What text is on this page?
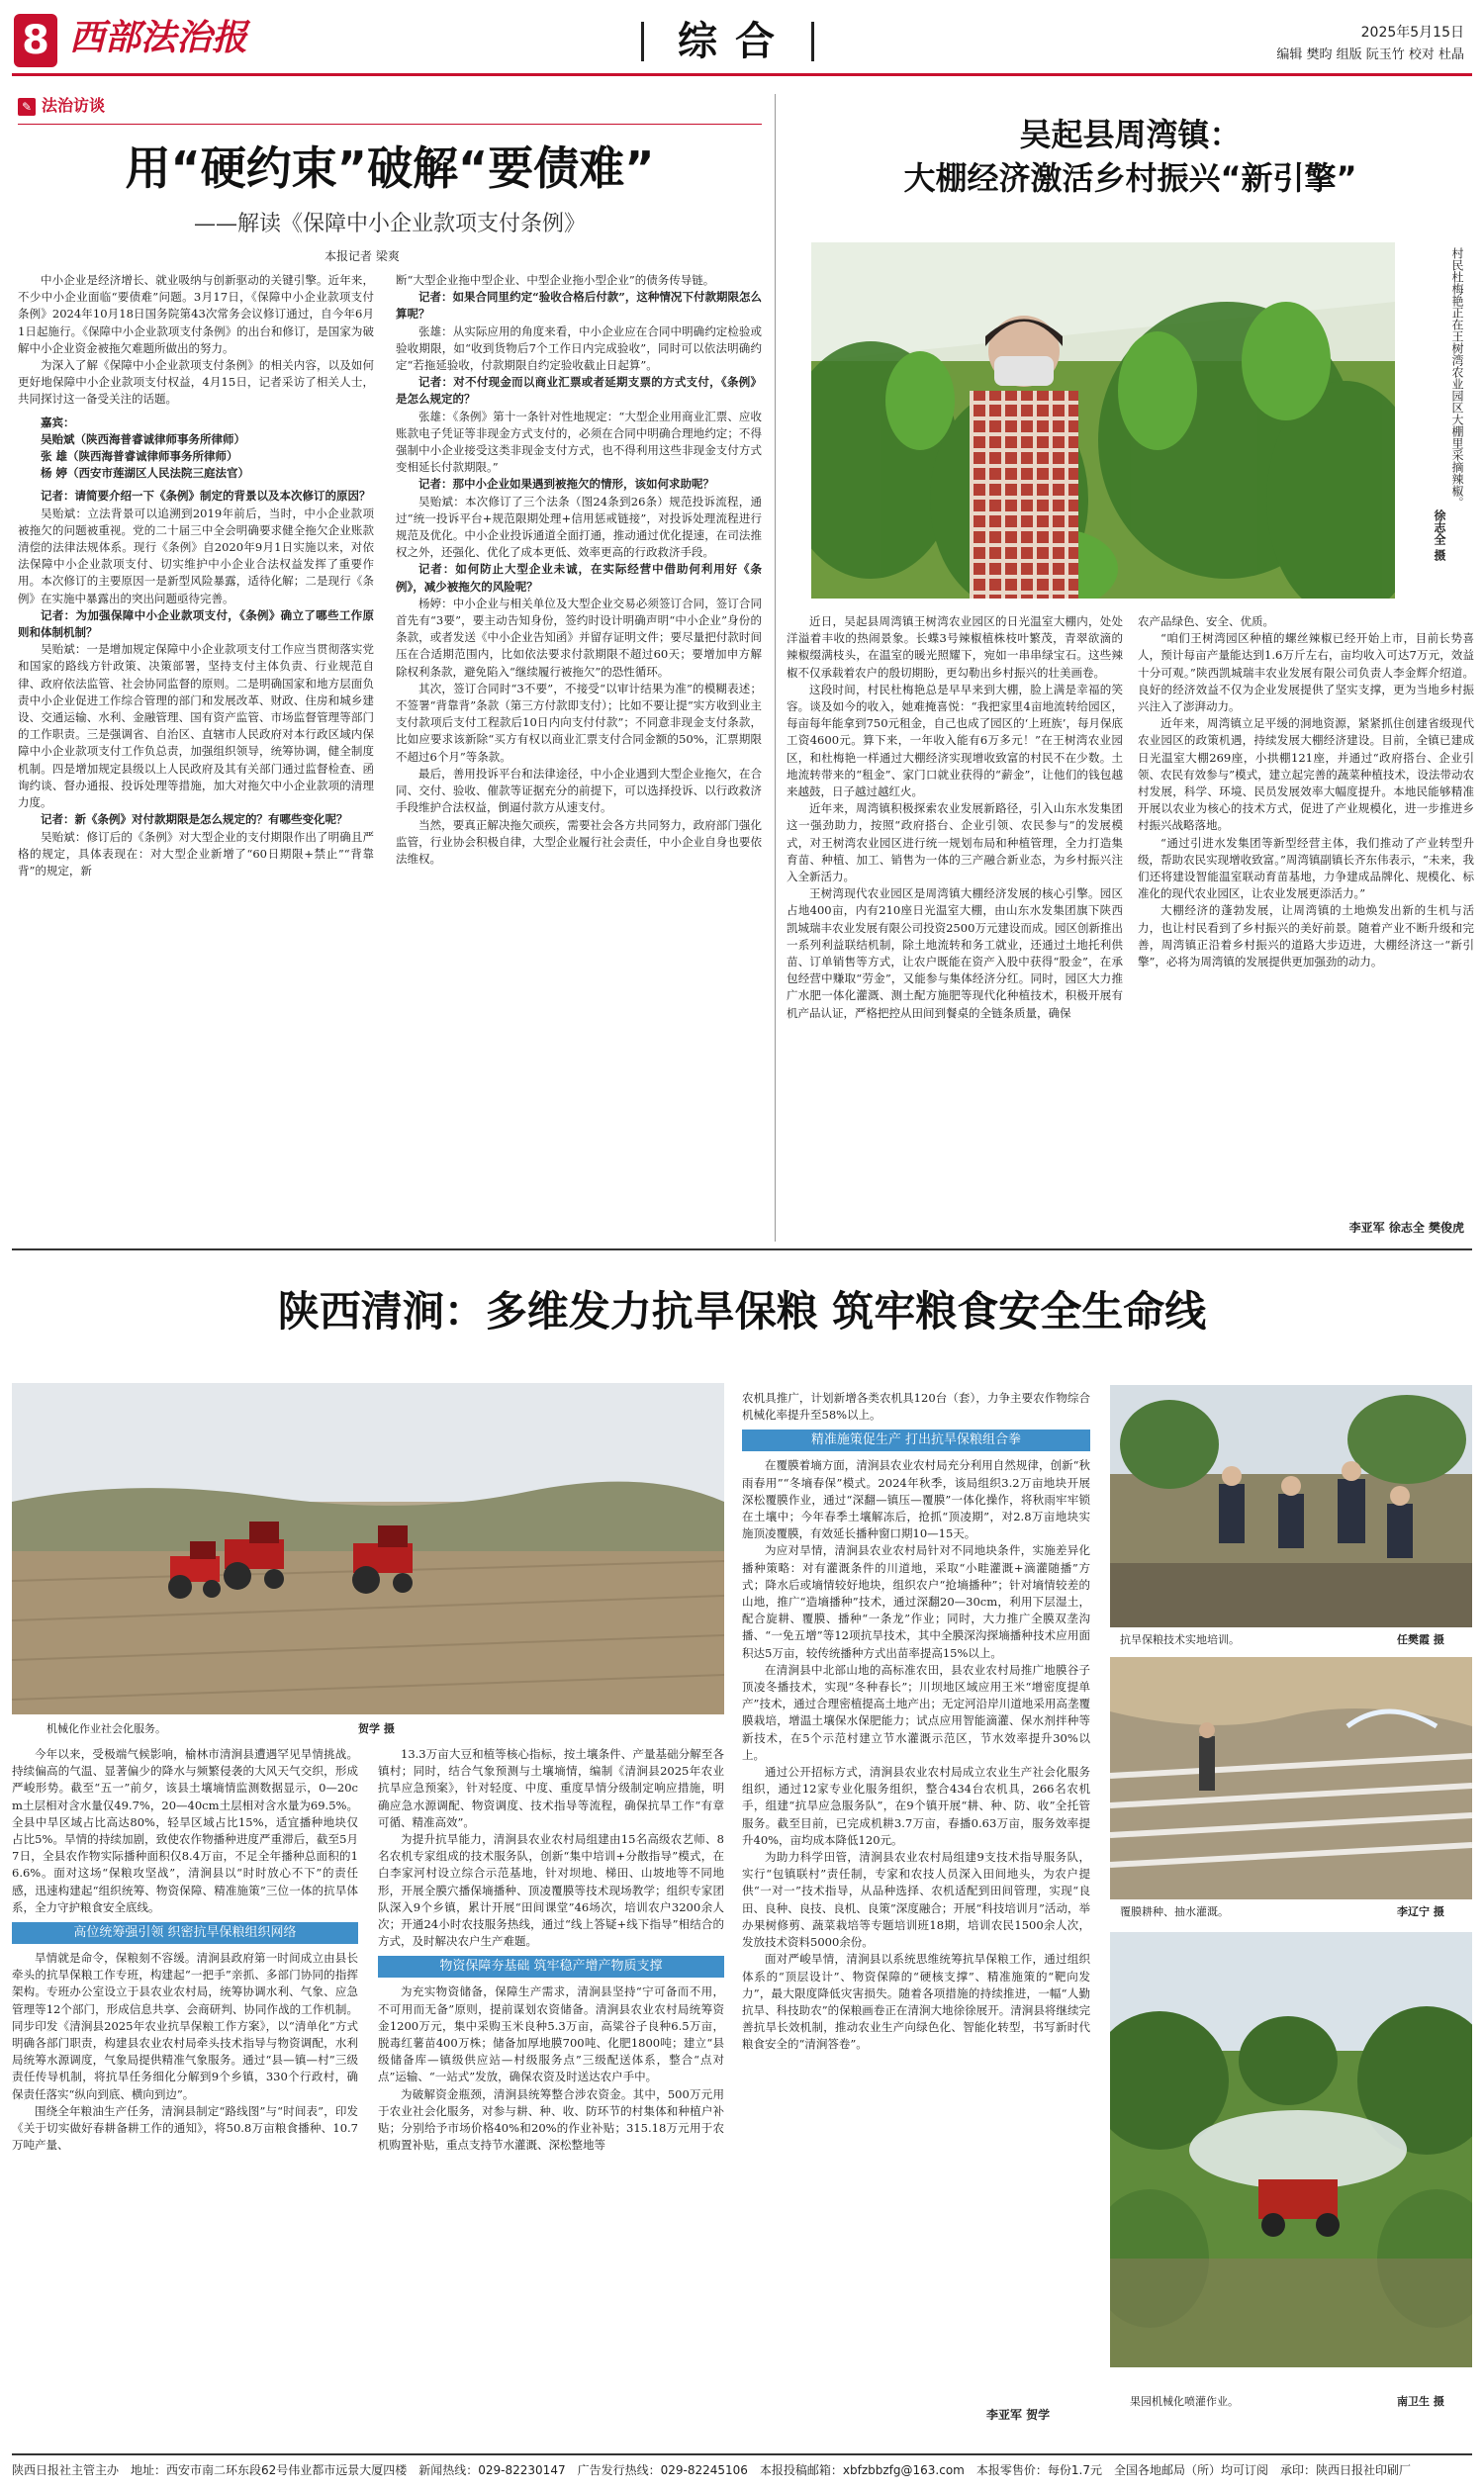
8 西部法治报	综合	2025年5月15日
编辑 樊昀 组版 阮玉竹 校对 杜晶
✎ 法治访谈
用“硬约束”破解“要债难”
——解读《保障中小企业款项支付条例》
本报记者 梁爽

中小企业是经济增长、就业吸纳与创新驱动的关键引擎。近年来，不少中小企业面临“要债难”问题。3月17日，《保障中小企业款项支付条例》2024年10月18日国务院第43次常务会议修订通过，自今年6月1日起施行。《保障中小企业款项支付条例》的出台和修订，是国家为破解中小企业资金被拖欠难题所做出的努力。

为深入了解《保障中小企业款项支付条例》的相关内容，以及如何更好地保障中小企业款项支付权益，4月15日，记者采访了相关人士，共同探讨这一备受关注的话题。

嘉宾：
吴贻斌（陕西海普睿诚律师事务所律师）
张 雄（陕西海普睿诚律师事务所律师）
杨 婷（西安市莲湖区人民法院三庭法官）

记者：请简要介绍一下《条例》制定的背景以及本次修订的原因？

吴贻斌：立法背景可以追溯到2019年前后，当时，中小企业款项被拖欠的问题被重视。党的二十届三中全会明确要求健全拖欠企业账款清偿的法律法规体系。现行《条例》自2020年9月1日实施以来，对依法保障中小企业款项支付、切实维护中小企业合法权益发挥了重要作用。本次修订的主要原因一是新型风险暴露，适待化解；二是现行《条例》在实施中暴露出的突出问题亟待完善。

记者：为加强保障中小企业款项支付，《条例》确立了哪些工作原则和体制机制？

吴贻斌：一是增加规定保障中小企业款项支付工作应当贯彻落实党和国家的路线方针政策、决策部署，坚持支付主体负责、行业规范自律、政府依法监管、社会协同监督的原则。二是明确国家和地方层面负责中小企业促进工作综合管理的部门和发展改革、财政、住房和城乡建设、交通运输、水利、金融管理、国有资产监管、市场监督管理等部门的工作职责。三是强调省、自治区、直辖市人民政府对本行政区域内保障中小企业款项支付工作负总责，加强组织领导，统筹协调，健全制度机制。四是增加规定县级以上人民政府及其有关部门通过监督检查、函询约谈、督办通报、投诉处理等措施，加大对拖欠中小企业款项的清理力度。

记者：新《条例》对付款期限是怎么规定的？有哪些变化呢？

吴贻斌：修订后的《条例》对大型企业的支付期限作出了明确且严格的规定，具体表现在：对大型企业新增了“60日期限+禁止”“背靠背”的规定，新

断“大型企业拖中型企业、中型企业拖小型企业”的债务传导链。

记者：如果合同里约定“验收合格后付款”，这种情况下付款期限怎么算呢？

张雄：从实际应用的角度来看，中小企业应在合同中明确约定检验或验收期限，如“收到货物后7个工作日内完成验收”，同时可以依法明确约定“若拖延验收，付款期限自约定验收截止日起算”。

记者：对不付现金而以商业汇票或者延期支票的方式支付，《条例》是怎么规定的？

张雄：《条例》第十一条针对性地规定：“大型企业用商业汇票、应收账款电子凭证等非现金方式支付的，必须在合同中明确合理地约定；不得强制中小企业接受这类非现金支付方式，也不得利用这些非现金支付方式变相延长付款期限。”

记者：那中小企业如果遇到被拖欠的情形，该如何求助呢？

吴贻斌：本次修订了三个法条（图24条到26条）规范投诉流程，通过“统一投诉平台+规范限期处理+信用惩戒链接”，对投诉处理流程进行规范及优化。中小企业投诉通道全面打通，推动通过优化提速，在司法推权之外，还强化、优化了成本更低、效率更高的行政救济手段。

记者：如何防止大型企业未诚，在实际经营中借助何利用好《条例》，减少被拖欠的风险呢？

杨婷：中小企业与相关单位及大型企业交易必须签订合同，签订合同首先有“3要”，要主动告知身份，签约时设计明确声明“中小企业”身份的条款，或者发送《中小企业告知函》并留存证明文件；要尽量把付款时间压在合适期范围内，比如依法要求付款期限不超过60天；要增加申方解除权利条款，避免陷入“继续履行被拖欠”的恐性循环。

其次，签订合同时“3不要”，不接受“以审计结果为准”的模糊表述；不签署“背靠背”条款（第三方付款即支付）；比如不要让提“实方收到业主支付款项后支付工程款后10日内向支付付款”；不同意非现金支付条款，比如应要求该新除“买方有权以商业汇票支付合同金额的50%，汇票期限不超过6个月”等条款。

最后，善用投诉平台和法律途径，中小企业遇到大型企业拖欠，在合同、交付、验收、催款等证据充分的前提下，可以选择投诉、以行政救济手段维护合法权益，倒逼付款方从速支付。

当然，要真正解决拖欠顽疾，需要社会各方共同努力，政府部门强化监管，行业协会积极自律，大型企业履行社会责任，中小企业自身也要依法维权。

吴起县周湾镇：
大棚经济激活乡村振兴“新引擎”
村民杜梅艳正在王树湾农业园区大棚里采摘辣椒。
徐志全 摄

近日，吴起县周湾镇王树湾农业园区的日光温室大棚内，处处洋溢着丰收的热闹景象。长蝶3号辣椒植株枝叶繁茂，青翠欲滴的辣椒缀满枝头，在温室的暖光照耀下，宛如一串串绿宝石。这些辣椒不仅承载着农户的殷切期盼，更勾勒出乡村振兴的壮美画卷。

这段时间，村民杜梅艳总是早早来到大棚，脸上满是幸福的笑容。谈及如今的收入，她难掩喜悦：“我把家里4亩地流转给园区，每亩每年能拿到750元租金，自己也成了园区的‘上班族’，每月保底工资4600元。算下来，一年收入能有6万多元！”在王树湾农业园区，和杜梅艳一样通过大棚经济实现增收致富的村民不在少数。土地流转带来的“租金”、家门口就业获得的“薪金”，让他们的钱包越来越鼓，日子越过越红火。

近年来，周湾镇积极探索农业发展新路径，引入山东水发集团这一强劲助力，按照“政府搭台、企业引领、农民参与”的发展模式，对王树湾农业园区进行统一规划布局和种植管理，全力打造集育苗、种植、加工、销售为一体的三产融合新业态，为乡村振兴注入全新活力。

王树湾现代农业园区是周湾镇大棚经济发展的核心引擎。园区占地400亩，内有210座日光温室大棚，由山东水发集团旗下陕西凯城瑞丰农业发展有限公司投资2500万元建设而成。园区创新推出一系列利益联结机制，除土地流转和务工就业，还通过土地托利供苗、订单销售等方式，让农户既能在资产入股中获得“股金”，在承包经营中赚取“劳金”，又能参与集体经济分红。同时，园区大力推广水肥一体化灌溉、测土配方施肥等现代化种植技术，积极开展有机产品认证，严格把控从田间到餐桌的全链条质量，确保

农产品绿色、安全、优质。

“咱们王树湾园区种植的螺丝辣椒已经开始上市，目前长势喜人，预计每亩产量能达到1.6万斤左右，亩均收入可达7万元，效益十分可观。”陕西凯城瑞丰农业发展有限公司负责人李金辉介绍道。良好的经济效益不仅为企业发展提供了坚实支撑，更为当地乡村振兴注入了澎湃动力。

近年来，周湾镇立足平缓的洞地资源，紧紧抓住创建省级现代农业园区的政策机遇，持续发展大棚经济建设。目前，全镇已建成日光温室大棚269座，小拱棚121座，并通过“政府搭台、企业引领、农民有效参与”模式，建立起完善的蔬菜种植技术，设法带动农村发展，科学、环境、民员发展效率大幅度提升。本地民能够精准开展以农业为核心的技术方式，促进了产业规模化，进一步推进乡村振兴战略落地。

“通过引进水发集团等新型经营主体，我们推动了产业转型升级，帮助农民实现增收致富。”周湾镇副镇长齐东伟表示，“未来，我们还将建设智能温室联动育苗基地，力争建成品牌化、规模化、标准化的现代农业园区，让农业发展更添活力。”

大棚经济的蓬勃发展，让周湾镇的土地焕发出新的生机与活力，也让村民看到了乡村振兴的美好前景。随着产业不断升级和完善，周湾镇正沿着乡村振兴的道路大步迈进，大棚经济这一“新引擎”，必将为周湾镇的发展提供更加强劲的动力。

李亚军 徐志全 樊俊虎
陕西清涧：多维发力抗旱保粮 筑牢粮食安全生命线
机械化作业社会化服务。	贺学 摄

今年以来，受极端气候影响，榆林市清涧县遭遇罕见旱情挑战。持续偏高的气温、显著偏少的降水与频繁侵袭的大风天气交织，形成严峻形势。截至“五一”前夕，该县土壤墒情监测数据显示，0—20cm土层相对含水量仅49.7%，20—40cm土层相对含水量为69.5%。全县中旱区域占比高达80%，轻旱区域占比15%，适宜播种地块仅占比5%。旱情的持续加剧，致使农作物播种进度严重滞后，截至5月7日，全县农作物实际播种面积仅8.4万亩，不足全年播种总面积的16.6%。面对这场“保粮攻坚战”，清涧县以“时时放心不下”的责任感，迅速构建起“组织统筹、物资保障、精准施策”三位一体的抗旱体系，全力守护粮食安全底线。

高位统筹强引领 织密抗旱保粮组织网络

旱情就是命令，保粮刻不容缓。清涧县政府第一时间成立由县长牵头的抗旱保粮工作专班，构建起“一把手”亲抓、多部门协同的指挥架构。专班办公室设立于县农业农村局，统筹协调水利、气象、应急管理等12个部门，形成信息共享、会商研判、协同作战的工作机制。同步印发《清涧县2025年农业抗旱保粮工作方案》，以“清单化”方式明确各部门职责，构建县农业农村局牵头技术指导与物资调配，水利局统筹水源调度，气象局提供精准气象服务。通过“县—镇—村”三级责任传导机制，将抗旱任务细化分解到9个乡镇，330个行政村，确保责任落实“纵向到底、横向到边”。

围绕全年粮油生产任务，清涧县制定“路线图”与“时间表”，印发《关于切实做好春耕备耕工作的通知》，将50.8万亩粮食播种、10.7万吨产量、

13.3万亩大豆和植等核心指标，按土壤条件、产量基础分解至各镇村；同时，结合气象预测与土壤墒情，编制《清涧县2025年农业抗旱应急预案》，针对轻度、中度、重度旱情分级制定响应措施，明确应急水源调配、物资调度、技术指导等流程，确保抗旱工作“有章可循、精准高效”。

为提升抗旱能力，清涧县农业农村局组建由15名高级农艺师、8名农机专家组成的技术服务队，创新“集中培训+分散指导”模式，在白李家河村设立综合示范基地，针对坝地、梯田、山坡地等不同地形，开展全膜穴播保墒播种、顶凌覆膜等技术现场教学；组织专家团队深入9个乡镇，累计开展“田间课堂”46场次，培训农户3200余人次；开通24小时农技服务热线，通过“线上答疑+线下指导”相结合的方式，及时解决农户生产难题。

物资保障夯基础 筑牢稳产增产物质支撑

为充实物资储备，保障生产需求，清涧县坚持“宁可备而不用，不可用而无备”原则，提前谋划农资储备。清涧县农业农村局统筹资金1200万元，集中采购玉米良种5.3万亩，高粱谷子良种6.5万亩，脱毒红薯苗400万株；储备加厚地膜700吨、化肥1800吨；建立“县级储备库—镇级供应站—村级服务点”三级配送体系，整合“点对点”运输、“一站式”发放，确保农资及时送达农户手中。

为破解资金瓶颈，清涧县统筹整合涉农资金。其中，500万元用于农业社会化服务，对参与耕、种、收、防环节的村集体和种植户补贴；分别给予市场价格40%和20%的作业补贴；315.18万元用于农机购置补贴，重点支持节水灌溉、深松整地等

农机具推广，计划新增各类农机具120台（套），力争主要农作物综合机械化率提升至58%以上。

精准施策促生产 打出抗旱保粮组合拳

在覆膜着墒方面，清涧县农业农村局充分利用自然规律，创新“秋雨春用”“冬墒春保”模式。2024年秋季，该局组织3.2万亩地块开展深松覆膜作业，通过“深翻—镇压—覆膜”一体化操作，将秋雨牢牢锁在土壤中；今年春季土壤解冻后，抢抓“顶凌期”，对2.8万亩地块实施顶凌覆膜，有效延长播种窗口期10—15天。

为应对旱情，清涧县农业农村局针对不同地块条件，实施差异化播种策略：对有灌溉条件的川道地，采取“小畦灌溉+滴灌随播”方式；降水后或墒情较好地块，组织农户“抢墒播种”；针对墒情较差的山地，推广“造墒播种”技术，通过深翻20—30cm，利用下层湿土，配合旋耕、覆膜、播种“一条龙”作业；同时，大力推广全膜双垄沟播、“一免五增”等12项抗旱技术，其中全膜深沟探墒播种技术应用面积达5万亩，较传统播种方式出苗率提高15%以上。

在清涧县中北部山地的高标准农田，县农业农村局推广地膜谷子顶凌冬播技术，实现“冬种春长”；川坝地区域应用王米“增密度提单产”技术，通过合理密植提高土地产出；无定河沿岸川道地采用高垄覆膜栽培，增温土壤保水保肥能力；试点应用智能滴灌、保水剂拌种等新技术，在5个示范村建立节水灌溉示范区，节水效率提升30%以上。

通过公开招标方式，清涧县农业农村局成立农业生产社会化服务组织，通过12家专业化服务组织，整合434台农机具，266名农机手，组建“抗旱应急服务队”，在9个镇开展“耕、种、防、收”全托管服务。截至目前，已完成机耕3.7万亩，春播0.63万亩，服务效率提升40%，亩均成本降低120元。

为助力科学田管，清涧县农业农村局组建9支技术指导服务队，实行“包镇联村”责任制，专家和农技人员深入田间地头，为农户提供“一对一”技术指导，从品种选择、农机适配到田间管理，实现“良田、良种、良技、良机、良策”深度融合；开展“科技培训月”活动，举办果树修剪、蔬菜栽培等专题培训班18期，培训农民1500余人次，发放技术资料5000余份。

面对严峻旱情，清涧县以系统思维统筹抗旱保粮工作，通过组织体系的“顶层设计”、物资保障的“硬核支撑”、精准施策的“靶向发力”，最大限度降低灾害损失。随着各项措施的持续推进，一幅“人勤抗旱、科技助农”的保粮画卷正在清涧大地徐徐展开。清涧县将继续完善抗旱长效机制，推动农业生产向绿色化、智能化转型，书写新时代粮食安全的“清涧答卷”。

李亚军 贺学
抗旱保粮技术实地培训。	任樊霞 摄
覆膜耕种、抽水灌溉。	李辽宁 摄
果园机械化喷灌作业。	南卫生 摄
陕西日报社主管主办　地址：西安市南二环东段62号伟业都市远景大厦四楼　新闻热线：029-82230147　广告发行热线：029-82245106　本报投稿邮箱：xbfzbbzfg@163.com　本报零售价：每份1.7元　全国各地邮局（所）均可订阅　承印：陕西日报社印刷厂
